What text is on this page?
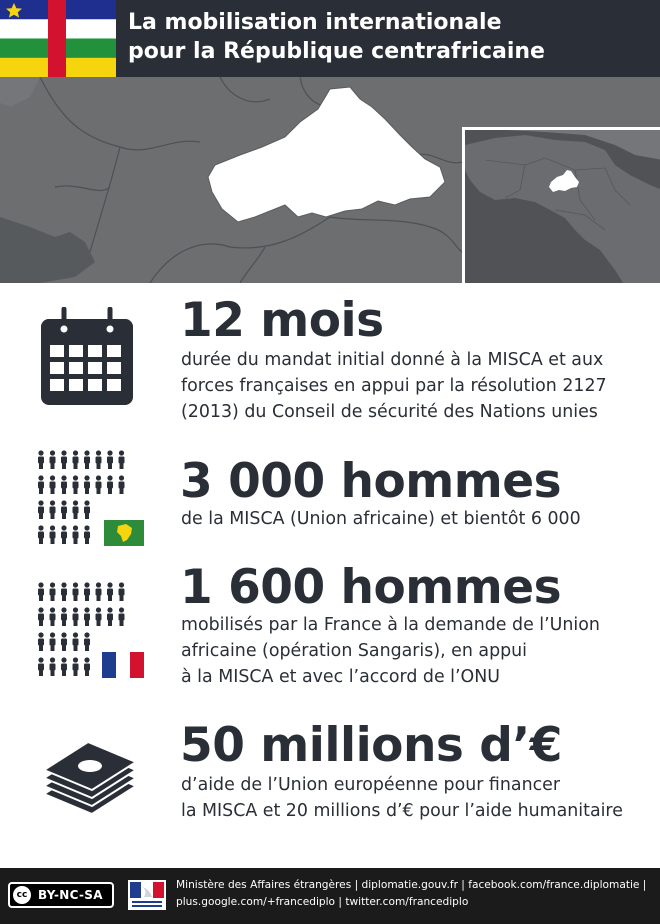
La mobilisation internationale
pour la République centrafricaine
12 mois
durée du mandat initial donné à la MISCA et aux
forces françaises en appui par la résolution 2127
(2013) du Conseil de sécurité des Nations unies
3 000 hommes
de la MISCA (Union africaine) et bientôt 6 000
1 600 hommes
mobilisés par la France à la demande de l’Union
africaine (opération Sangaris), en appui
à la MISCA et avec l’accord de l’ONU
50 millions d’€
d’aide de l’Union européenne pour financer
la MISCA et 20 millions d’€ pour l’aide humanitaire
cc BY-NC-SA
Ministère des Affaires étrangères | diplomatie.gouv.fr | facebook.com/france.diplomatie |
plus.google.com/+francediplo | twitter.com/francediplo
